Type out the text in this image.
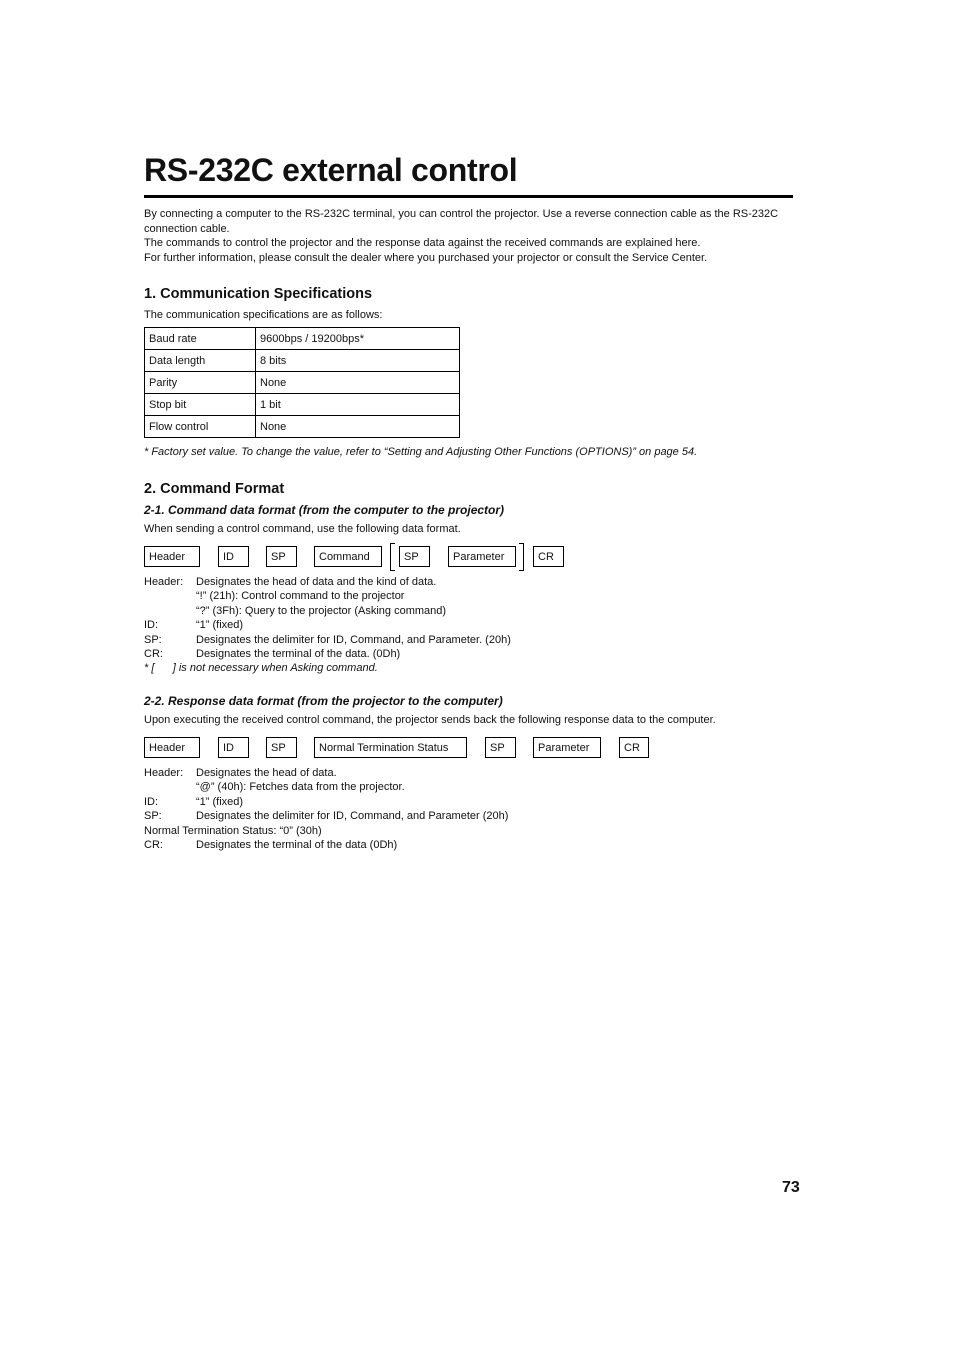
RS-232C external control
By connecting a computer to the RS-232C terminal, you can control the projector. Use a reverse connection cable as the RS-232C connection cable.
The commands to control the projector and the response data against the received commands are explained here.
For further information, please consult the dealer where you purchased your projector or consult the Service Center.
1. Communication Specifications
The communication specifications are as follows:
Baud rate	9600bps / 19200bps*
Data length	8 bits
Parity	None
Stop bit	1 bit
Flow control	None
* Factory set value. To change the value, refer to “Setting and Adjusting Other Functions (OPTIONS)” on page 54.
2. Command Format
2-1. Command data format (from the computer to the projector)
When sending a control command, use the following data format.
Header	ID	SP	Command	SP	Parameter	CR
Header:	Designates the head of data and the kind of data.
“!” (21h): Control command to the projector
“?” (3Fh): Query to the projector (Asking command)
ID:	“1” (fixed)
SP:	Designates the delimiter for ID, Command, and Parameter. (20h)
CR:	Designates the terminal of the data. (0Dh)
* [      ] is not necessary when Asking command.
2-2. Response data format (from the projector to the computer)
Upon executing the received control command, the projector sends back the following response data to the computer.
Header	ID	SP	Normal Termination Status	SP	Parameter	CR
Header:	Designates the head of data.
“@” (40h): Fetches data from the projector.
ID:	“1” (fixed)
SP:	Designates the delimiter for ID, Command, and Parameter (20h)
Normal Termination Status: “0” (30h)
CR:	Designates the terminal of the data (0Dh)
73
